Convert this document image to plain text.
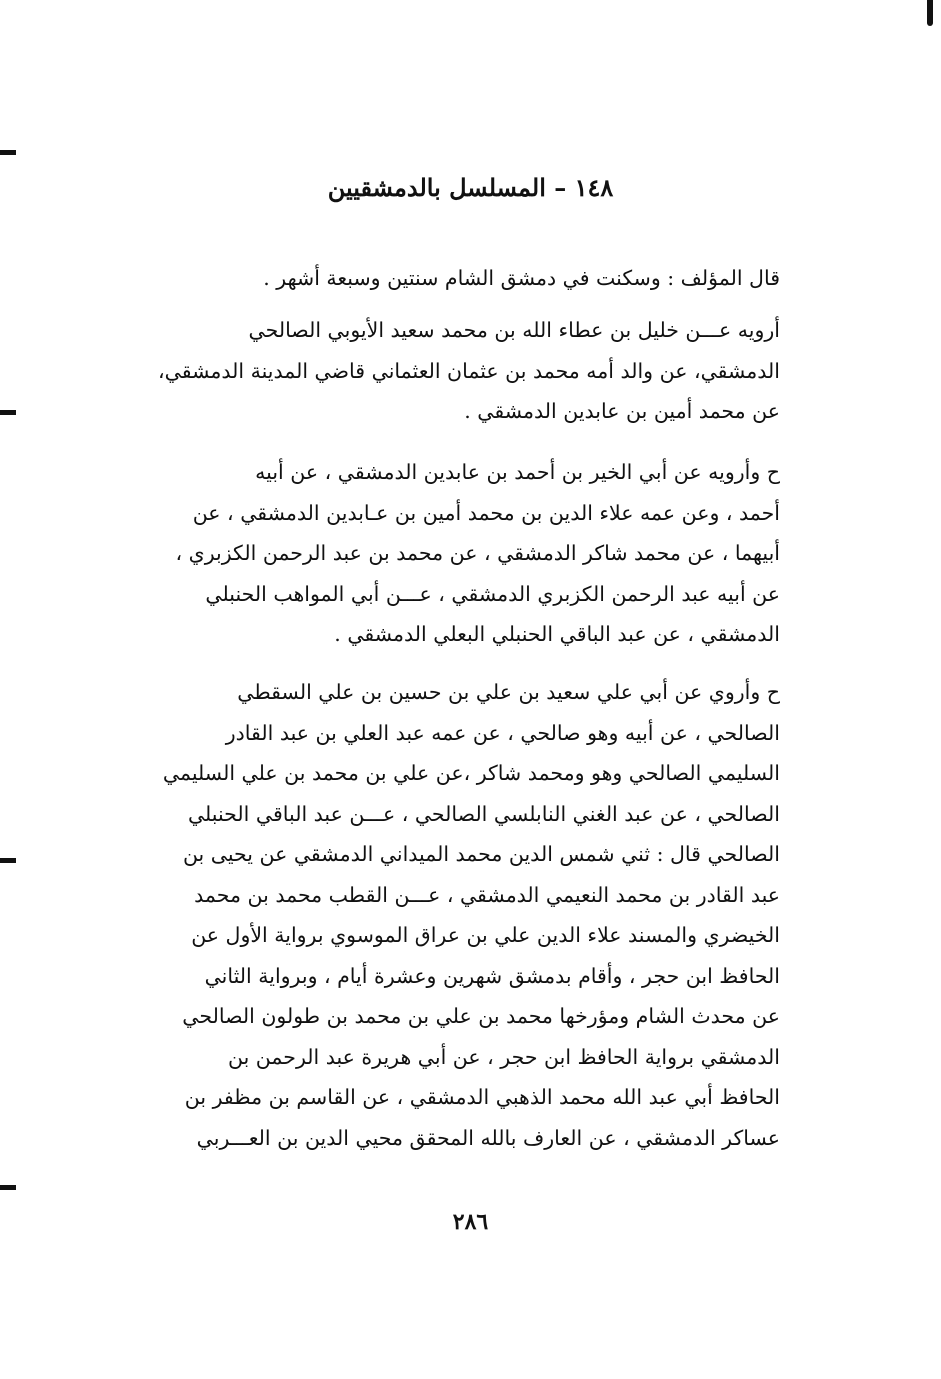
١٤٨ – المسلسل بالدمشقيين
قال المؤلف : وسكنت في دمشق الشام سنتين وسبعة أشهر .
أرويه عـــن خليل بن عطاء الله بن محمد سعيد الأيوبي الصالحي
الدمشقي، عن والد أمه محمد بن عثمان العثماني قاضي المدينة الدمشقي،
عن محمد أمين بن عابدين الدمشقي .
ح وأرويه عن أبي الخير بن أحمد بن عابدين الدمشقي ، عن أبيه
أحمد ، وعن عمه علاء الدين بن محمد أمين بن عـابدين الدمشقي ، عن
أبيهما ، عن محمد شاكر الدمشقي ، عن محمد بن عبد الرحمن الكزبري ،
عن أبيه عبد الرحمن الكزبري الدمشقي ، عـــن أبي المواهب الحنبلي
الدمشقي ، عن عبد الباقي الحنبلي البعلي الدمشقي .
ح وأروي عن أبي علي سعيد بن علي بن حسين بن علي السقطي
الصالحي ، عن أبيه وهو صالحي ، عن عمه عبد العلي بن عبد القادر
السليمي الصالحي وهو ومحمد شاكر ،عن علي بن محمد بن علي السليمي
الصالحي ، عن عبد الغني النابلسي الصالحي ، عـــن عبد الباقي الحنبلي
الصالحي قال : ثني شمس الدين محمد الميداني الدمشقي عن يحيى بن
عبد القادر بن محمد النعيمي الدمشقي ، عـــن القطب محمد بن محمد
الخيضري والمسند علاء الدين علي بن عراق الموسوي برواية الأول عن
الحافظ ابن حجر ، وأقام بدمشق شهرين وعشرة أيام ، وبرواية الثاني
عن محدث الشام ومؤرخها محمد بن علي بن محمد بن طولون الصالحي
الدمشقي برواية الحافظ ابن حجر ، عن أبي هريرة عبد الرحمن بن
الحافظ أبي عبد الله محمد الذهبي الدمشقي ، عن القاسم بن مظفر بن
عساكر الدمشقي ، عن العارف بالله المحقق محيي الدين بن العـــربي
٢٨٦
